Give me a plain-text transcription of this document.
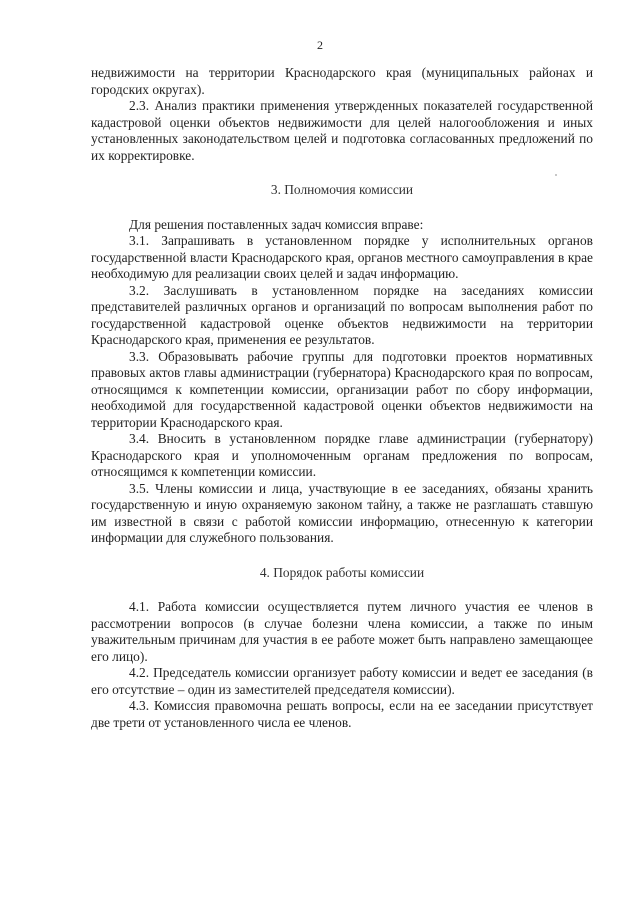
2

недвижимости на территории Краснодарского края (муниципальных районах и городских округах).

2.3. Анализ практики применения утвержденных показателей государственной кадастровой оценки объектов недвижимости для целей налогообложения и иных установленных законодательством целей и подготовка согласованных предложений по их корректировке.

3. Полномочия комиссии

Для решения поставленных задач комиссия вправе:

3.1. Запрашивать в установленном порядке у исполнительных органов государственной власти Краснодарского края, органов местного самоуправления в крае необходимую для реализации своих целей и задач информацию.

3.2. Заслушивать в установленном порядке на заседаниях комиссии представителей различных органов и организаций по вопросам выполнения работ по государственной кадастровой оценке объектов недвижимости на территории Краснодарского края, применения ее результатов.

3.3. Образовывать рабочие группы для подготовки проектов нормативных правовых актов главы администрации (губернатора) Краснодарского края по вопросам, относящимся к компетенции комиссии, организации работ по сбору информации, необходимой для государственной кадастровой оценки объектов недвижимости на территории Краснодарского края.

3.4. Вносить в установленном порядке главе администрации (губернатору) Краснодарского края и уполномоченным органам предложения по вопросам, относящимся к компетенции комиссии.

3.5. Члены комиссии и лица, участвующие в ее заседаниях, обязаны хранить государственную и иную охраняемую законом тайну, а также не разглашать ставшую им известной в связи с работой комиссии информацию, отнесенную к категории информации для служебного пользования.

4. Порядок работы комиссии

4.1. Работа комиссии осуществляется путем личного участия ее членов в рассмотрении вопросов (в случае болезни члена комиссии, а также по иным уважительным причинам для участия в ее работе может быть направлено замещающее его лицо).

4.2. Председатель комиссии организует работу комиссии и ведет ее заседания (в его отсутствие – один из заместителей председателя комиссии).

4.3. Комиссия правомочна решать вопросы, если на ее заседании присутствует две трети от установленного числа ее членов.
